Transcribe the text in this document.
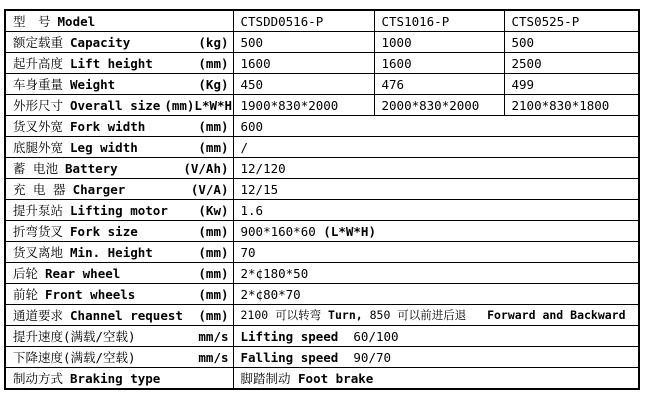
型　号 Model	CTSDD0516-P	CTS1016-P	CTS0525-P

额定载重 Capacity (kg)	500	1000	500

起升高度 Lift height (mm)	1600	1600	2500

车身重量 Weight (Kg)	450	476	499

外形尺寸 Overall size (mm)L*W*H	1900*830*2000	2000*830*2000	2100*830*1800

货叉外宽 Fork width (mm)	600		

底腿外宽 Leg width (mm)	/		

蓄 电池 Battery (V/Ah)	12/120		

充 电 器 Charger (V/A)	12/15		

提升泵站 Lifting motor (Kw)	1.6		

折弯货叉 Fork size (mm)	900*160*60 (L*W*H)		

货叉离地 Min. Height (mm)	70		

后轮 Rear wheel (mm)	2*¢180*50		

前轮 Front wheels (mm)	2*¢80*70		

通道要求 Channel request (mm)	2100 可以转弯 Turn, 850 可以前进后退   Forward and Backward		

提升速度(满载/空载) mm/s	Lifting speed  60/100		

下降速度(满载/空载) mm/s	Falling speed  90/70		

制动方式 Braking type	脚踏制动 Foot brake		
